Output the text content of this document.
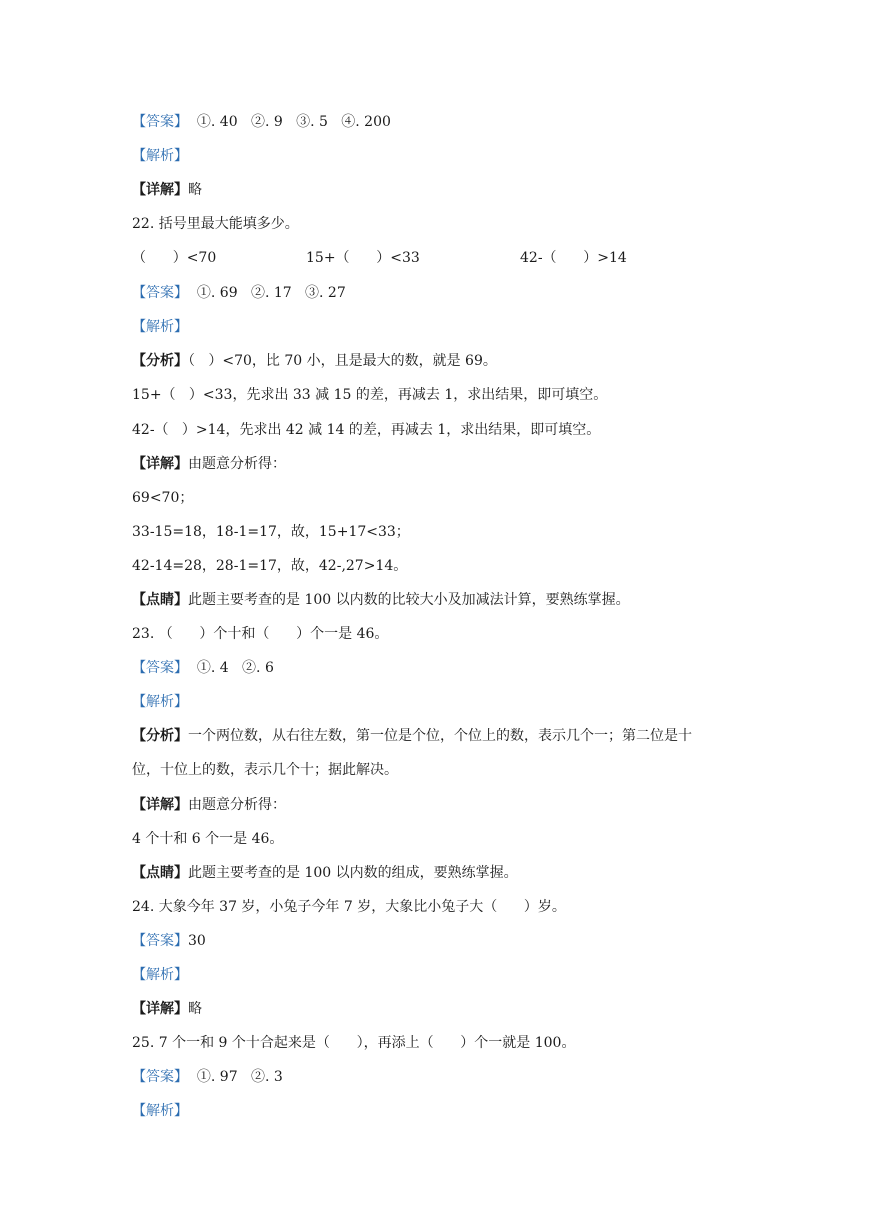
【答案】  ①. 40   ②. 9   ③. 5   ④. 200
【解析】
【详解】略
22. 括号里最大能填多少。
（      ）<70	15+（      ）<33	42-（      ）>14
【答案】  ①. 69   ②. 17   ③. 27
【解析】
【分析】（   ）<70，比 70 小，且是最大的数，就是 69。
15+（   ）<33，先求出 33 减 15 的差，再减去 1，求出结果，即可填空。
42-（   ）>14，先求出 42 减 14 的差，再减去 1，求出结果，即可填空。
【详解】由题意分析得：
69<70；
33-15=18，18-1=17，故，15+17<33；
42-14=28，28-1=17，故，42-,27>14。
【点睛】此题主要考查的是 100 以内数的比较大小及加减法计算，要熟练掌握。
23. （      ）个十和（      ）个一是 46。
【答案】  ①. 4   ②. 6
【解析】
【分析】一个两位数，从右往左数，第一位是个位，个位上的数，表示几个一；第二位是十
位，十位上的数，表示几个十；据此解决。
【详解】由题意分析得：
4 个十和 6 个一是 46。
【点睛】此题主要考查的是 100 以内数的组成，要熟练掌握。
24. 大象今年 37 岁，小兔子今年 7 岁，大象比小兔子大（      ）岁。
【答案】30
【解析】
【详解】略
25. 7 个一和 9 个十合起来是（      ），再添上（      ）个一就是 100。
【答案】  ①. 97   ②. 3
【解析】
